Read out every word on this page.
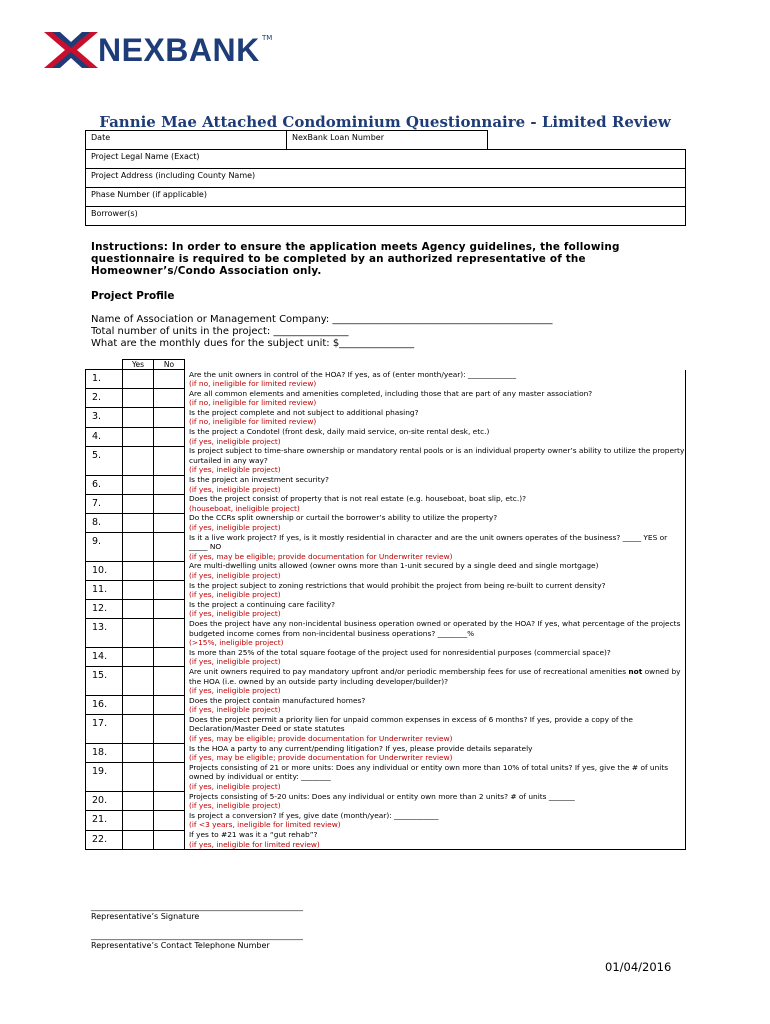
NEXBANK TM
Fannie Mae Attached Condominium Questionnaire - Limited Review
Date	NexBank Loan Number	
Project Legal Name (Exact)
Project Address (including County Name)
Phase Number (if applicable)
Borrower(s)
Instructions: In order to ensure the application meets Agency guidelines, the following questionnaire is required to be completed by an authorized representative of the Homeowner’s/Condo Association only.
Project Profile
Name of Association or Management Company: ____________________________________________
Total number of units in the project: _______________
What are the monthly dues for the subject unit: $_______________
	Yes	No	
1.			Are the unit owners in control of the HOA? If yes, as of (enter month/year): _____________
(if no, ineligible for limited review)

2.			Are all common elements and amenities completed, including those that are part of any master association?
(if no, ineligible for limited review)

3.			Is the project complete and not subject to additional phasing?
(if no, ineligible for limited review)

4.			Is the project a Condotel (front desk, daily maid service, on-site rental desk, etc.)
(if yes, ineligible project)

5.			Is project subject to time-share ownership or mandatory rental pools or is an individual property owner’s ability to utilize the property curtailed in any way?
(if yes, ineligible project)

6.			Is the project an investment security?
(if yes, ineligible project)

7.			Does the project consist of property that is not real estate (e.g. houseboat, boat slip, etc.)?
(houseboat, ineligible project)

8.			Do the CCRs split ownership or curtail the borrower’s ability to utilize the property?
(if yes, ineligible project)

9.			Is it a live work project? If yes, is it mostly residential in character and are the unit owners operates of the business? _____ YES or _____ NO
(if yes, may be eligible; provide documentation for Underwriter review)

10.			Are multi-dwelling units allowed (owner owns more than 1-unit secured by a single deed and single mortgage)
(if yes, ineligible project)

11.			Is the project subject to zoning restrictions that would prohibit the project from being re-built to current density?
(if yes, ineligible project)

12.			Is the project a continuing care facility?
(if yes, ineligible project)

13.			Does the project have any non-incidental business operation owned or operated by the HOA? If yes, what percentage of the projects budgeted income comes from non-incidental business operations? ________%
(>15%, ineligible project)

14.			Is more than 25% of the total square footage of the project used for nonresidential purposes (commercial space)?
(if yes, ineligible project)

15.			Are unit owners required to pay mandatory upfront and/or periodic membership fees for use of recreational amenities not owned by the HOA (i.e. owned by an outside party including developer/builder)?
(if yes, ineligible project)

16.			Does the project contain manufactured homes?
(if yes, ineligible project)

17.			Does the project permit a priority lien for unpaid common expenses in excess of 6 months? If yes, provide a copy of the Declaration/Master Deed or state statutes
(if yes, may be eligible; provide documentation for Underwriter review)

18.			Is the HOA a party to any current/pending litigation? If yes, please provide details separately
(if yes, may be eligible; provide documentation for Underwriter review)

19.			Projects consisting of 21 or more units: Does any individual or entity own more than 10% of total units? If yes, give the # of units owned by individual or entity: ________
(if yes, ineligible project)

20.			Projects consisting of 5-20 units: Does any individual or entity own more than 2 units? # of units _______
(if yes, ineligible project)

21.			Is project a conversion? If yes, give date (month/year): ____________
(if <3 years, ineligible for limited review)

22.			If yes to #21 was it a “gut rehab”?
(if yes, ineligible for limited review)
_____________________________________________________
Representative’s Signature
_____________________________________________________
Representative’s Contact Telephone Number
01/04/2016
